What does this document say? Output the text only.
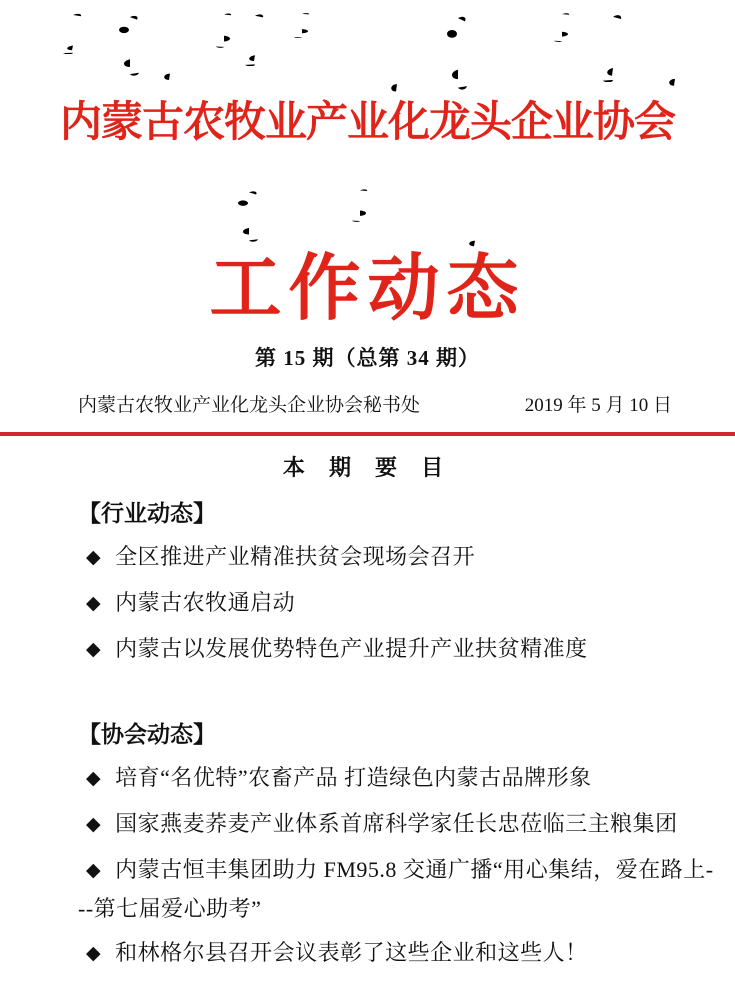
内蒙古农牧业产业化龙头企业协会
工作动态
第 15 期（总第 34 期）
内蒙古农牧业产业化龙头企业协会秘书处	2019 年 5 月 10 日
本 期 要 目
【行业动态】

◆ 全区推进产业精准扶贫会现场会召开

◆ 内蒙古农牧通启动

◆ 内蒙古以发展优势特色产业提升产业扶贫精准度

【协会动态】

◆ 培育“名优特”农畜产品 打造绿色内蒙古品牌形象

◆ 国家燕麦荞麦产业体系首席科学家任长忠莅临三主粮集团

◆ 内蒙古恒丰集团助力 FM95.8 交通广播“用心集结，爱在路上---第七届爱心助考”

◆ 和林格尔县召开会议表彰了这些企业和这些人！
